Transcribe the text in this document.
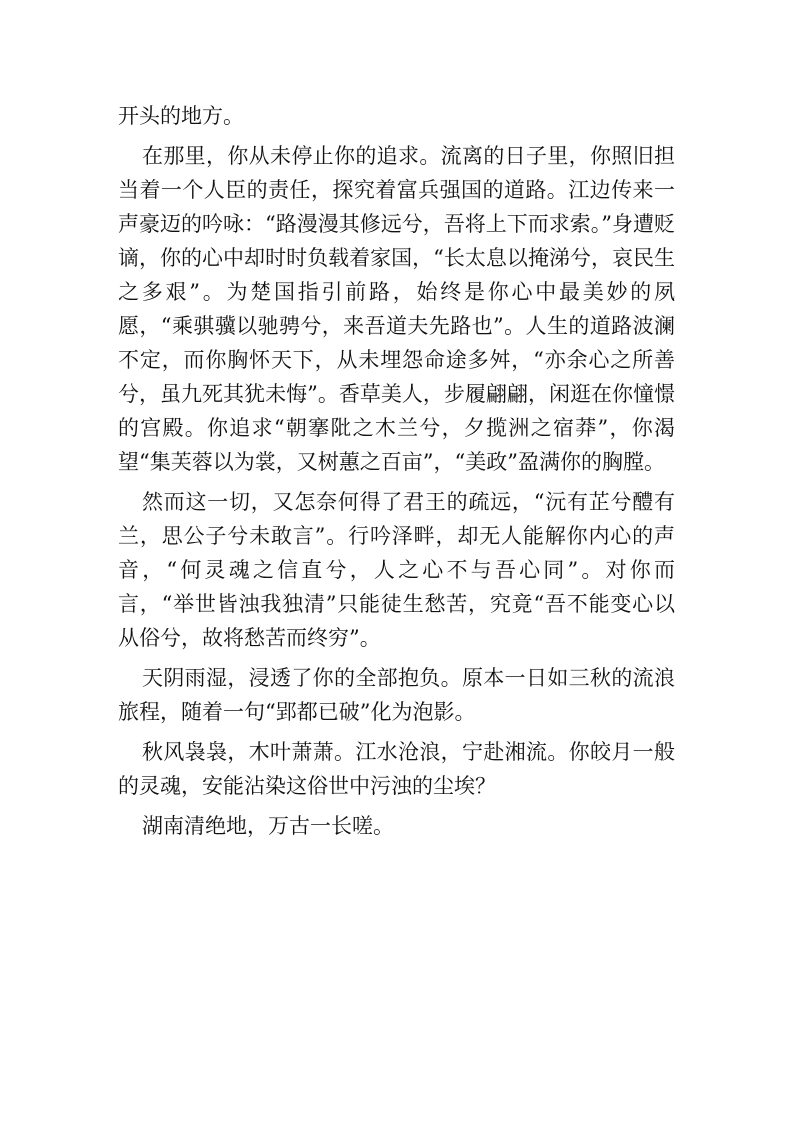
开头的地方。

在那里，你从未停止你的追求。流离的日子里，你照旧担当着一个人臣的责任，探究着富兵强国的道路。江边传来一声豪迈的吟咏：“路漫漫其修远兮，吾将上下而求索。”身遭贬谪，你的心中却时时负载着家国，“长太息以掩涕兮，哀民生之多艰”。为楚国指引前路，始终是你心中最美妙的夙愿，“乘骐骥以驰骋兮，来吾道夫先路也”。人生的道路波澜不定，而你胸怀天下，从未埋怨命途多舛，“亦余心之所善兮，虽九死其犹未悔”。香草美人，步履翩翩，闲逛在你憧憬的宫殿。你追求“朝搴阰之木兰兮，夕揽洲之宿莽”，你渴望“集芙蓉以为裳，又树蕙之百亩”，“美政”盈满你的胸膛。

然而这一切，又怎奈何得了君王的疏远，“沅有芷兮醴有兰，思公子兮未敢言”。行吟泽畔，却无人能解你内心的声音，“何灵魂之信直兮，人之心不与吾心同”。对你而言，“举世皆浊我独清”只能徒生愁苦，究竟“吾不能变心以从俗兮，故将愁苦而终穷”。

天阴雨湿，浸透了你的全部抱负。原本一日如三秋的流浪旅程，随着一句“郢都已破”化为泡影。

秋风袅袅，木叶萧萧。江水沧浪，宁赴湘流。你皎月一般的灵魂，安能沾染这俗世中污浊的尘埃？

湖南清绝地，万古一长嗟。
